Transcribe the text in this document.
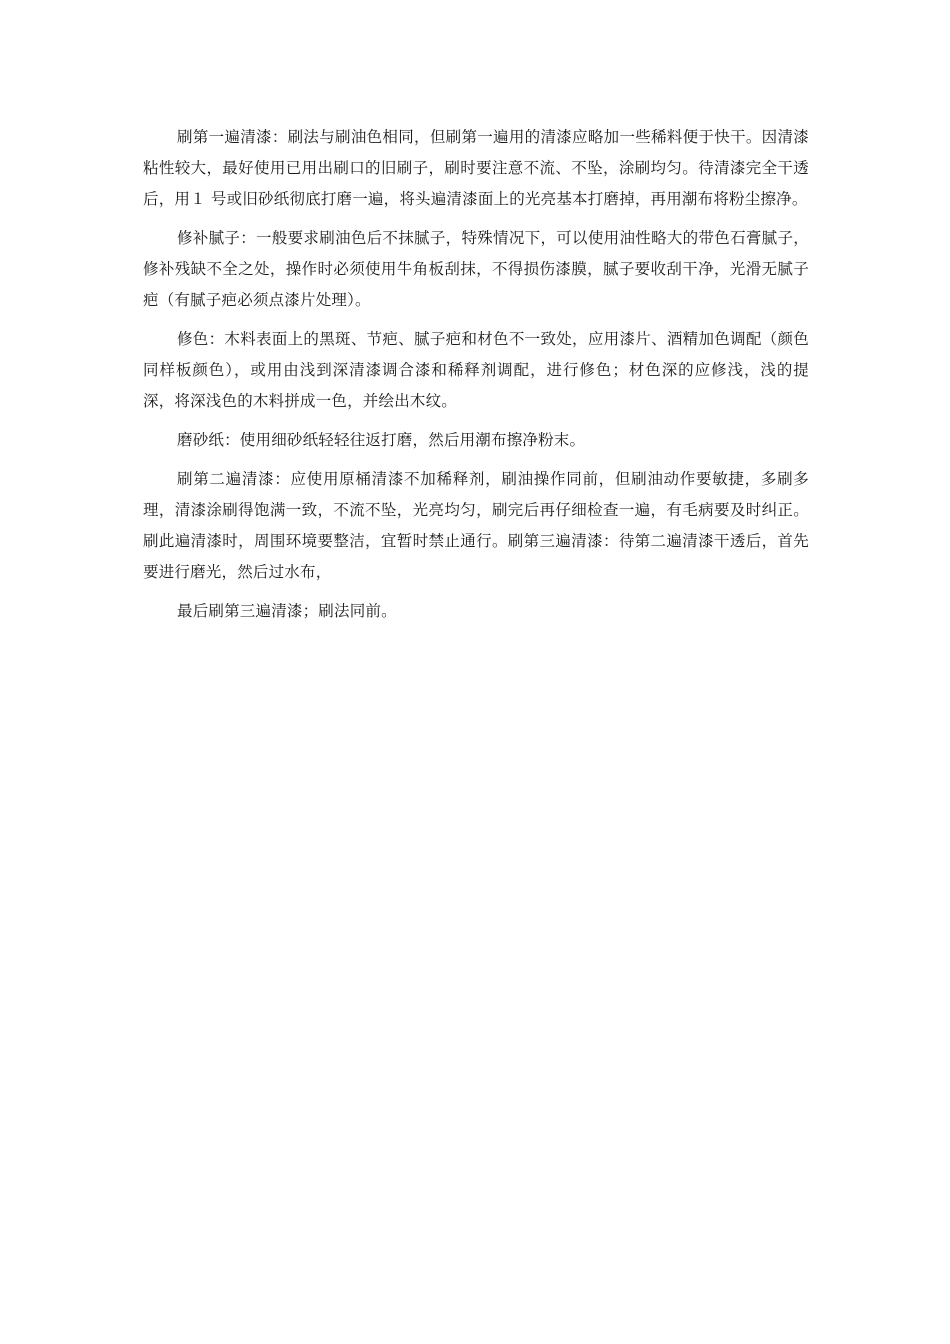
刷第一遍清漆：刷法与刷油色相同，但刷第一遍用的清漆应略加一些稀料便于快干。因清漆粘性较大，最好使用已用出刷口的旧刷子，刷时要注意不流、不坠，涂刷均匀。待清漆完全干透后，用１ 号或旧砂纸彻底打磨一遍，将头遍清漆面上的光亮基本打磨掉，再用潮布将粉尘擦净。

修补腻子：一般要求刷油色后不抹腻子，特殊情况下，可以使用油性略大的带色石膏腻子，修补残缺不全之处，操作时必须使用牛角板刮抹，不得损伤漆膜，腻子要收刮干净，光滑无腻子疤（有腻子疤必须点漆片处理）。

修色：木料表面上的黑斑、节疤、腻子疤和材色不一致处，应用漆片、酒精加色调配（颜色同样板颜色），或用由浅到深清漆调合漆和稀释剂调配，进行修色；材色深的应修浅，浅的提深，将深浅色的木料拼成一色，并绘出木纹。

磨砂纸：使用细砂纸轻轻往返打磨，然后用潮布擦净粉末。

刷第二遍清漆：应使用原桶清漆不加稀释剂，刷油操作同前，但刷油动作要敏捷，多刷多理，清漆涂刷得饱满一致，不流不坠，光亮均匀，刷完后再仔细检查一遍，有毛病要及时纠正。刷此遍清漆时，周围环境要整洁，宜暂时禁止通行。刷第三遍清漆：待第二遍清漆干透后，首先要进行磨光，然后过水布，

最后刷第三遍清漆；刷法同前。
